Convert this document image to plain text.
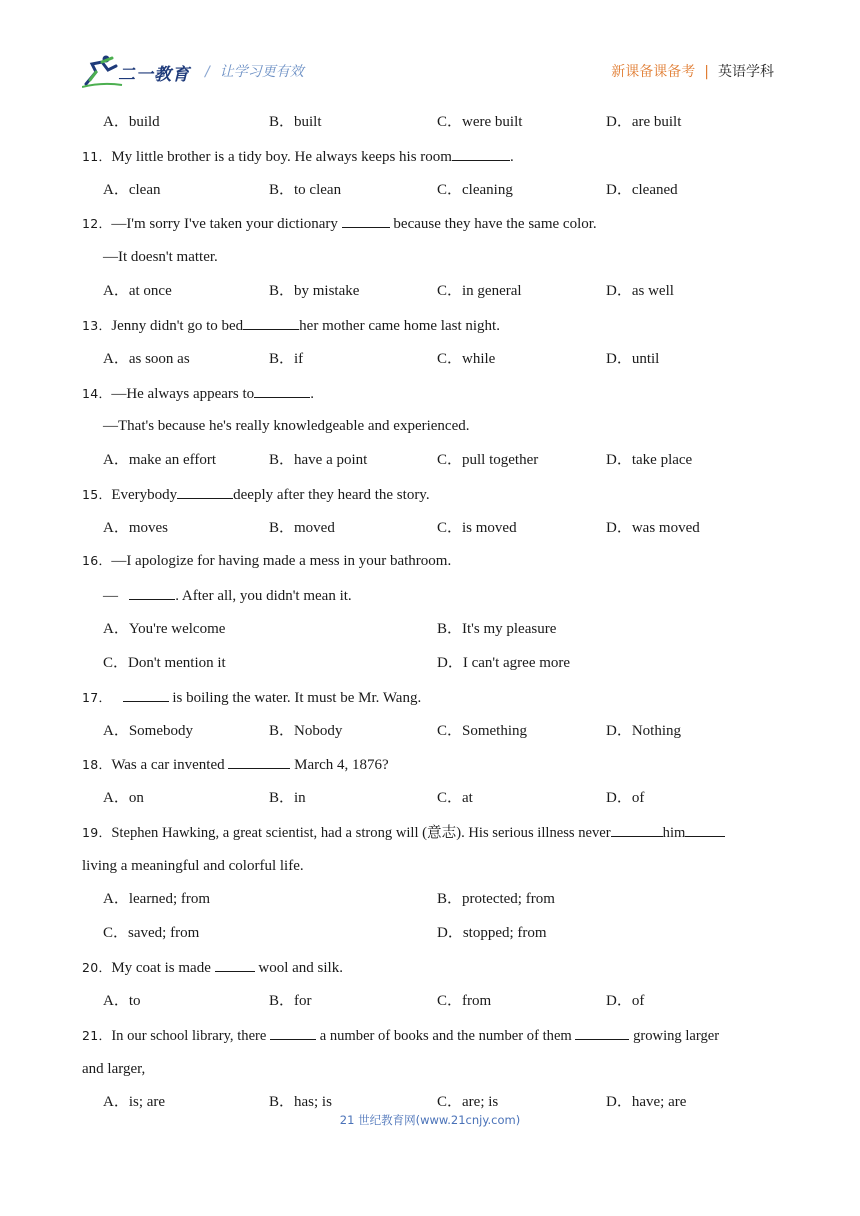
二一教育 / 让学习更有效	新课备课备考 | 英语学科
A．build	B．built	C．were built	D．are built
11．My little brother is a tidy boy. He always keeps his room	.
A．clean	B．to clean	C．cleaning	D．cleaned
12．—I'm sorry I've taken your dictionary	because they have the same color.
—It doesn't matter.
A．at once	B．by mistake	C．in general	D．as well
13．Jenny didn't go to bed	her mother came home last night.
A．as soon as	B．if	C．while	D．until
14．—He always appears to	.
—That's because he's really knowledgeable and experienced.
A．make an effort	B．have a point	C．pull together	D．take place
15．Everybody	deeply after they heard the story.
A．moves	B．moved	C．is moved	D．was moved
16．—I apologize for having made a mess in your bathroom.
—	. After all, you didn't mean it.
A．You're welcome	B．It's my pleasure
C．Don't mention it	D．I can't agree more
17．	is boiling the water. It must be Mr. Wang.
A．Somebody	B．Nobody	C．Something	D．Nothing
18．Was a car invented	March 4, 1876?
A．on	B．in	C．at	D．of
19．Stephen Hawking, a great scientist, had a strong will (意志). His serious illness never	him
living a meaningful and colorful life.
A．learned; from	B．protected; from
C．saved; from	D．stopped; from
20．My coat is made	wool and silk.
A．to	B．for	C．from	D．of
21．In our school library, there	a number of books and the number of them	growing larger
and larger,
A．is; are	B．has; is	C．are; is	D．have; are
21 世纪教育网(www.21cnjy.com)
